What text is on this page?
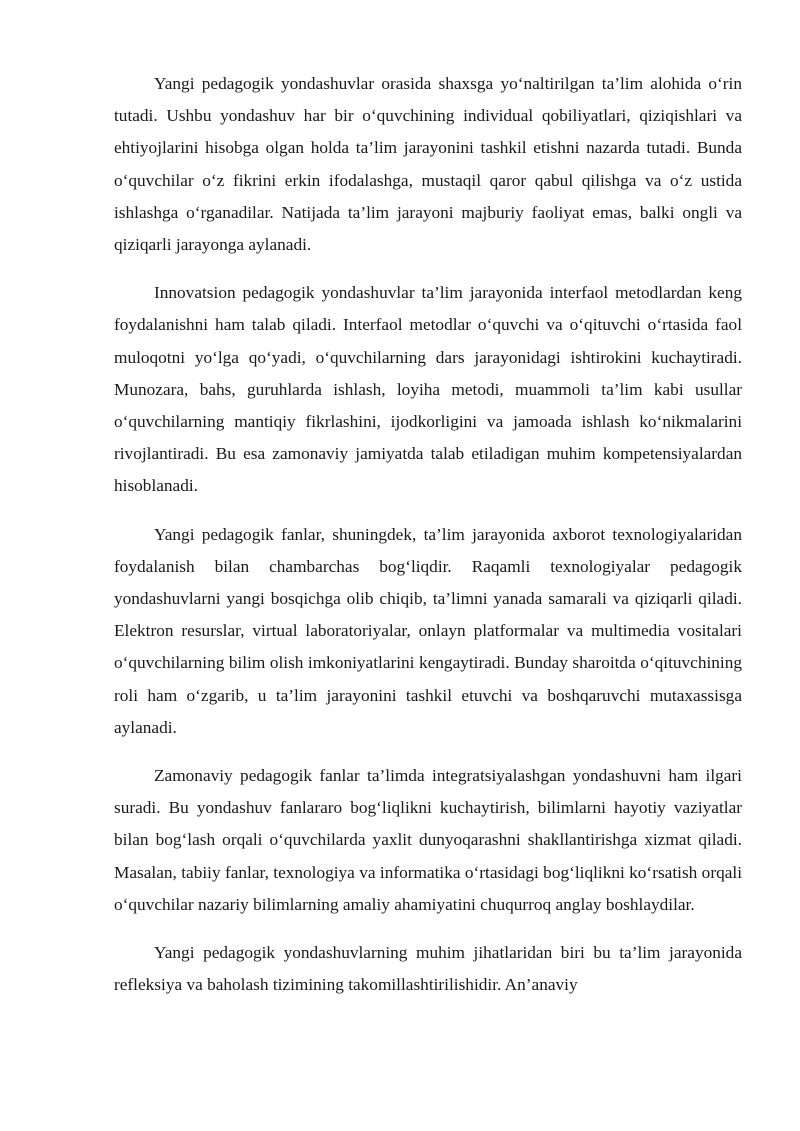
Yangi pedagogik yondashuvlar orasida shaxsga yo‘naltirilgan ta’lim alohida o‘rin tutadi. Ushbu yondashuv har bir o‘quvchining individual qobiliyatlari, qiziqishlari va ehtiyojlarini hisobga olgan holda ta’lim jarayonini tashkil etishni nazarda tutadi. Bunda o‘quvchilar o‘z fikrini erkin ifodalashga, mustaqil qaror qabul qilishga va o‘z ustida ishlashga o‘rganadilar. Natijada ta’lim jarayoni majburiy faoliyat emas, balki ongli va qiziqarli jarayonga aylanadi.

Innovatsion pedagogik yondashuvlar ta’lim jarayonida interfaol metodlardan keng foydalanishni ham talab qiladi. Interfaol metodlar o‘quvchi va o‘qituvchi o‘rtasida faol muloqotni yo‘lga qo‘yadi, o‘quvchilarning dars jarayonidagi ishtirokini kuchaytiradi. Munozara, bahs, guruhlarda ishlash, loyiha metodi, muammoli ta’lim kabi usullar o‘quvchilarning mantiqiy fikrlashini, ijodkorligini va jamoada ishlash ko‘nikmalarini rivojlantiradi. Bu esa zamonaviy jamiyatda talab etiladigan muhim kompetensiyalardan hisoblanadi.

Yangi pedagogik fanlar, shuningdek, ta’lim jarayonida axborot texnologiyalaridan foydalanish bilan chambarchas bog‘liqdir. Raqamli texnologiyalar pedagogik yondashuvlarni yangi bosqichga olib chiqib, ta’limni yanada samarali va qiziqarli qiladi. Elektron resurslar, virtual laboratoriyalar, onlayn platformalar va multimedia vositalari o‘quvchilarning bilim olish imkoniyatlarini kengaytiradi. Bunday sharoitda o‘qituvchining roli ham o‘zgarib, u ta’lim jarayonini tashkil etuvchi va boshqaruvchi mutaxassisga aylanadi.

Zamonaviy pedagogik fanlar ta’limda integratsiyalashgan yondashuvni ham ilgari suradi. Bu yondashuv fanlararo bog‘liqlikni kuchaytirish, bilimlarni hayotiy vaziyatlar bilan bog‘lash orqali o‘quvchilarda yaxlit dunyoqarashni shakllantirishga xizmat qiladi. Masalan, tabiiy fanlar, texnologiya va informatika o‘rtasidagi bog‘liqlikni ko‘rsatish orqali o‘quvchilar nazariy bilimlarning amaliy ahamiyatini chuqurroq anglay boshlaydilar.

Yangi pedagogik yondashuvlarning muhim jihatlaridan biri bu ta’lim jarayonida refleksiya va baholash tizimining takomillashtirilishidir. An’anaviy
